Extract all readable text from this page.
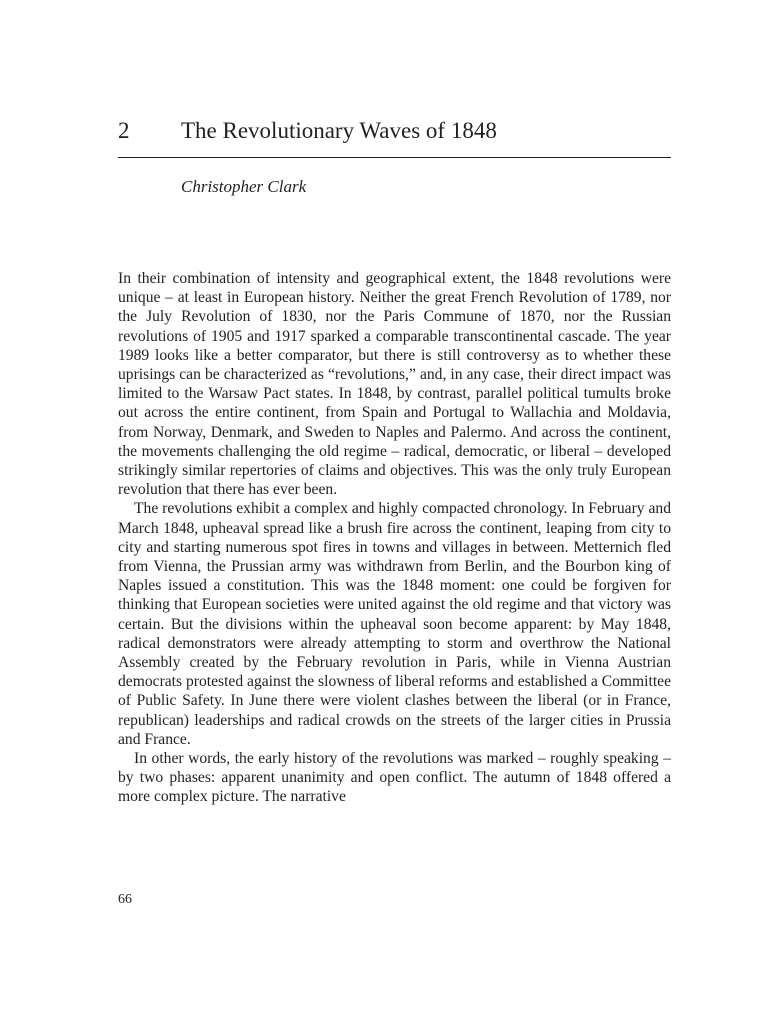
2 The Revolutionary Waves of 1848
Christopher Clark

In their combination of intensity and geographical extent, the 1848 revolutions were unique – at least in European history. Neither the great French Revolution of 1789, nor the July Revolution of 1830, nor the Paris Commune of 1870, nor the Russian revolutions of 1905 and 1917 sparked a comparable transcontinental cascade. The year 1989 looks like a better comparator, but there is still controversy as to whether these uprisings can be characterized as “revolutions,” and, in any case, their direct impact was limited to the Warsaw Pact states. In 1848, by contrast, parallel political tumults broke out across the entire continent, from Spain and Portugal to Wallachia and Moldavia, from Norway, Denmark, and Sweden to Naples and Palermo. And across the continent, the movements challenging the old regime – radical, democratic, or liberal – developed strikingly similar repertories of claims and objectives. This was the only truly European revolution that there has ever been.

The revolutions exhibit a complex and highly compacted chronology. In February and March 1848, upheaval spread like a brush fire across the continent, leaping from city to city and starting numerous spot fires in towns and villages in between. Metternich fled from Vienna, the Prussian army was withdrawn from Berlin, and the Bourbon king of Naples issued a constitution. This was the 1848 moment: one could be forgiven for thinking that European societies were united against the old regime and that victory was certain. But the divisions within the upheaval soon become apparent: by May 1848, radical demonstrators were already attempting to storm and overthrow the National Assembly created by the February revolution in Paris, while in Vienna Austrian democrats protested against the slowness of liberal reforms and established a Committee of Public Safety. In June there were violent clashes between the liberal (or in France, republican) leaderships and radical crowds on the streets of the larger cities in Prussia and France.

In other words, the early history of the revolutions was marked – roughly speaking – by two phases: apparent unanimity and open conflict. The autumn of 1848 offered a more complex picture. The narrative

66
